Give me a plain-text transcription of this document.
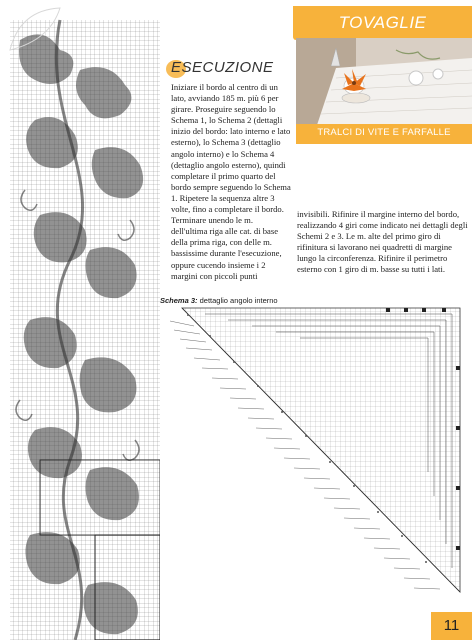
TOVAGLIE
TRALCI DI VITE E FARFALLE
ESECUZIONE
Iniziare il bordo al centro di un lato, avviando 185 m. più 6 per girare. Proseguire seguendo lo Schema 1, lo Schema 2 (dettagli inizio del bordo: lato interno e lato esterno), lo Schema 3 (dettaglio angolo interno) e lo Schema 4 (dettaglio angolo esterno), quindi completare il primo quarto del bordo sempre seguendo lo Schema 1. Ripetere la sequenza altre 3 volte, fino a completare il bordo. Terminare unendo le m. dell'ultima riga alle cat. di base della prima riga, con delle m. bassissime durante l'esecuzione, oppure cucendo insieme i 2 margini con piccoli punti
invisibili. Rifinire il margine interno del bordo, realizzando 4 giri come indicato nei dettagli degli Schemi 2 e 3. Le m. alte del primo giro di rifinitura si lavorano nei quadretti di margine lungo la circonferenza. Rifinire il perimetro esterno con 1 giro di m. basse su tutti i lati.
Schema 3: dettaglio angolo interno
11
